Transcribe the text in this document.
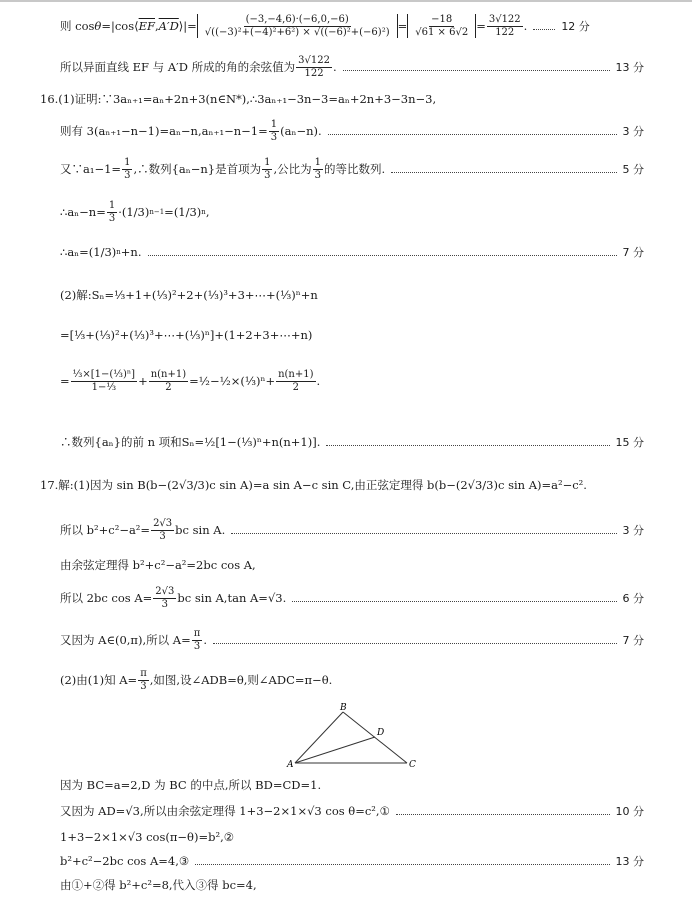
则 cos θ =|cos⟨ $\overline{EF}$ , A′D ⟩|= $\frac{(-3,-4,6)\cdot(-6,0,-6)}{\text{√((−3)²+(−4)²+6²) × √((−6)²+(−6)²)}} = \frac{-18}{√61 \times 6√2} = \frac{3√122}{122}$ .	12 分
所以异面直线 EF 与 A′D 所成的角的余弦值为 $\frac{3√122}{122}$ .	13 分
16.(1)证明:∵3aₙ₊₁=aₙ+2n+3(n∈N*),∴3aₙ₊₁−3n−3=aₙ+2n+3−3n−3,
则有 $3(a_{n+1}-n-1)=a_n-n,a_{n+1}-n-1= \frac{1}{3} (a_n-n)$.	3 分
又∵a₁−1= $\frac{1}{3}$ ,∴数列{aₙ−n}是首项为 $\frac{1}{3}$ ,公比为 $\frac{1}{3}$ 的等比数列.	5 分
∴aₙ−n= $\frac{1}{3} \cdot (1/3) n-1 = (1/3)$ n ,
∴aₙ= (1/3) n +n.	7 分
(2)解:Sₙ=⅓+1+(⅓)²+2+(⅓)³+3+⋯+(⅓)ⁿ+n
=[⅓+(⅓)²+(⅓)³+⋯+(⅓)ⁿ]+(1+2+3+⋯+n)
= $\frac{\text{⅓×[1−(⅓)ⁿ]}}{\text{1−⅓}} + \frac{n(n+1)}{2}$ =½−½×(⅓)ⁿ+ $\frac{n(n+1)}{2}$ .
∴数列{aₙ}的前 n 项和Sₙ=½[1−(⅓)ⁿ+n(n+1)].	15 分
17.解:(1)因为 sin B(b−(2√3/3)c sin A)=a sin A−c sin C,由正弦定理得 b(b−(2√3/3)c sin A)=a²−c².
所以 $b^2+c^2-a^2= \frac{2√3}{3}$ bc sin A.	3 分
由余弦定理得 b²+c²−a²=2bc cos A,
所以 2bc $\cos A= \frac{2√3}{3}$ bc sin A,tan A=√3.	6 分
又因为 A∈(0,π),所以 $A= \frac{\pi}{3}$ .	7 分
(2)由(1)知 $A= \frac{\pi}{3}$ ,如图,设∠ADB=θ,则∠ADC=π−θ.
B
D
A	C
因为 BC=a=2,D 为 BC 的中点,所以 BD=CD=1.
又因为 AD=√3,所以由余弦定理得 1+3−2×1×√3 cos θ=c²,①	10 分
1+3−2×1×√3 cos(π−θ)=b²,②
b²+c²−2bc cos A=4,③	13 分
由①+②得 b²+c²=8,代入③得 bc=4,
